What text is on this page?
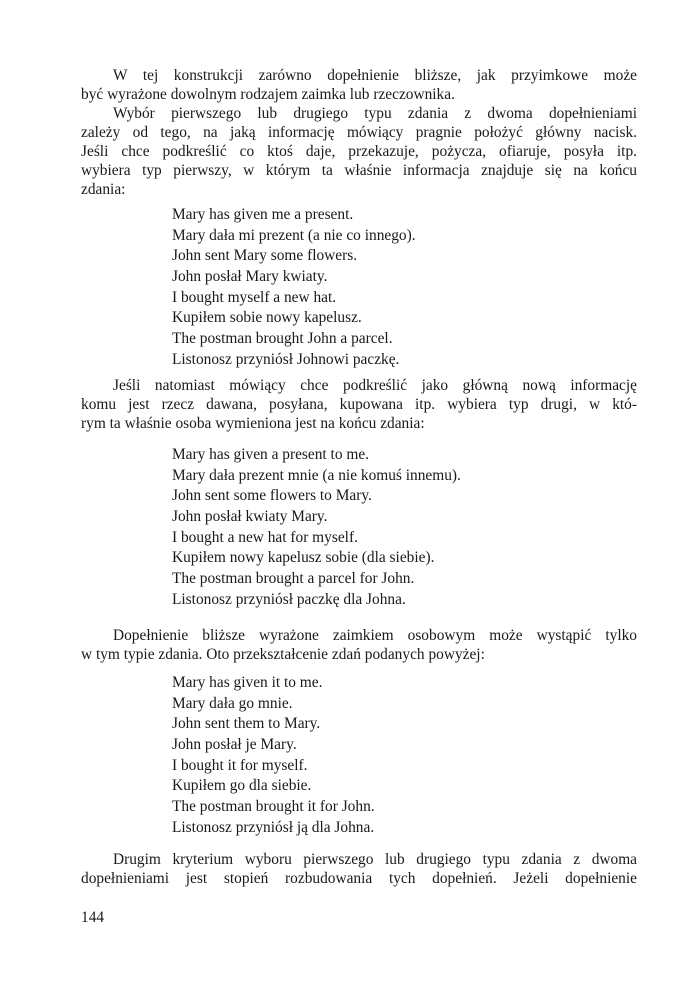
W tej konstrukcji zarówno dopełnienie bliższe, jak przyimkowe może
być wyrażone dowolnym rodzajem zaimka lub rzeczownika.

Wybór pierwszego lub drugiego typu zdania z dwoma dopełnieniami
zależy od tego, na jaką informację mówiący pragnie położyć główny nacisk.
Jeśli chce podkreślić co ktoś daje, przekazuje, pożycza, ofiaruje, posyła itp.
wybiera typ pierwszy, w którym ta właśnie informacja znajduje się na końcu
zdania:

Mary has given me a present.
Mary dała mi prezent (a nie co innego).
John sent Mary some flowers.
John posłał Mary kwiaty.
I bought myself a new hat.
Kupiłem sobie nowy kapelusz.
The postman brought John a parcel.
Listonosz przyniósł Johnowi paczkę.

Jeśli natomiast mówiący chce podkreślić jako główną nową informację
komu jest rzecz dawana, posyłana, kupowana itp. wybiera typ drugi, w któ-
rym ta właśnie osoba wymieniona jest na końcu zdania:

Mary has given a present to me.
Mary dała prezent mnie (a nie komuś innemu).
John sent some flowers to Mary.
John posłał kwiaty Mary.
I bought a new hat for myself.
Kupiłem nowy kapelusz sobie (dla siebie).
The postman brought a parcel for John.
Listonosz przyniósł paczkę dla Johna.

Dopełnienie bliższe wyrażone zaimkiem osobowym może wystąpić tylko
w tym typie zdania. Oto przekształcenie zdań podanych powyżej:

Mary has given it to me.
Mary dała go mnie.
John sent them to Mary.
John posłał je Mary.
I bought it for myself.
Kupiłem go dla siebie.
The postman brought it for John.
Listonosz przyniósł ją dla Johna.

Drugim kryterium wyboru pierwszego lub drugiego typu zdania z dwoma
dopełnieniami jest stopień rozbudowania tych dopełnień. Jeżeli dopełnienie

144
